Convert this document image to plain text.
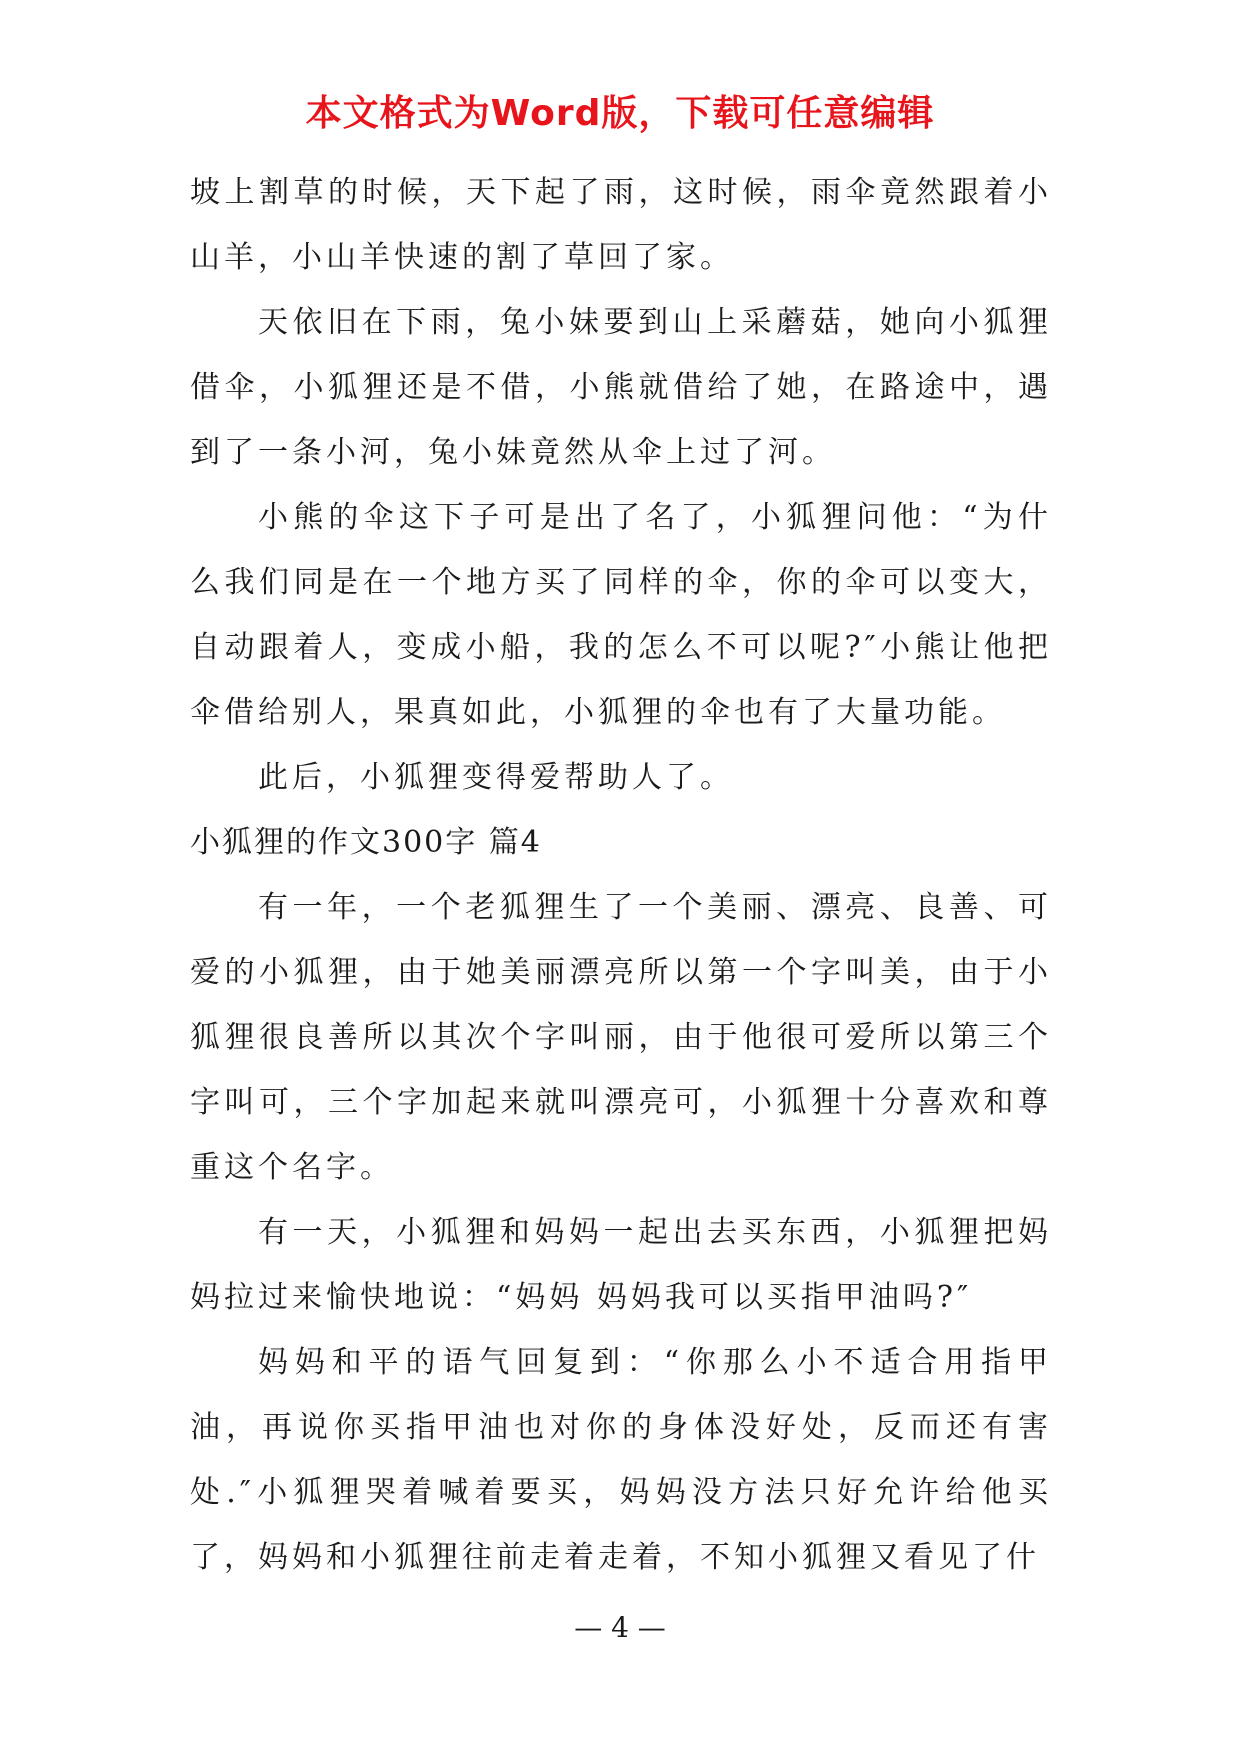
本文格式为Word版，下载可任意编辑

坡上割草的时候，天下起了雨，这时候，雨伞竟然跟着小山羊，小山羊快速的割了草回了家。

天依旧在下雨，兔小妹要到山上采蘑菇，她向小狐狸借伞，小狐狸还是不借，小熊就借给了她，在路途中，遇到了一条小河，兔小妹竟然从伞上过了河。

小熊的伞这下子可是出了名了，小狐狸问他：“为什么我们同是在一个地方买了同样的伞，你的伞可以变大，自动跟着人，变成小船，我的怎么不可以呢?″小熊让他把伞借给别人，果真如此，小狐狸的伞也有了大量功能。

此后，小狐狸变得爱帮助人了。

小狐狸的作文300字 篇4

有一年，一个老狐狸生了一个美丽、漂亮、良善、可爱的小狐狸，由于她美丽漂亮所以第一个字叫美，由于小狐狸很良善所以其次个字叫丽，由于他很可爱所以第三个字叫可，三个字加起来就叫漂亮可，小狐狸十分喜欢和尊重这个名字。

有一天，小狐狸和妈妈一起出去买东西，小狐狸把妈妈拉过来愉快地说：“妈妈 妈妈我可以买指甲油吗?″

妈妈和平的语气回复到：“你那么小不适合用指甲油，再说你买指甲油也对你的身体没好处，反而还有害处.″小狐狸哭着喊着要买，妈妈没方法只好允许给他买了，妈妈和小狐狸往前走着走着，不知小狐狸又看见了什

— 4 —
